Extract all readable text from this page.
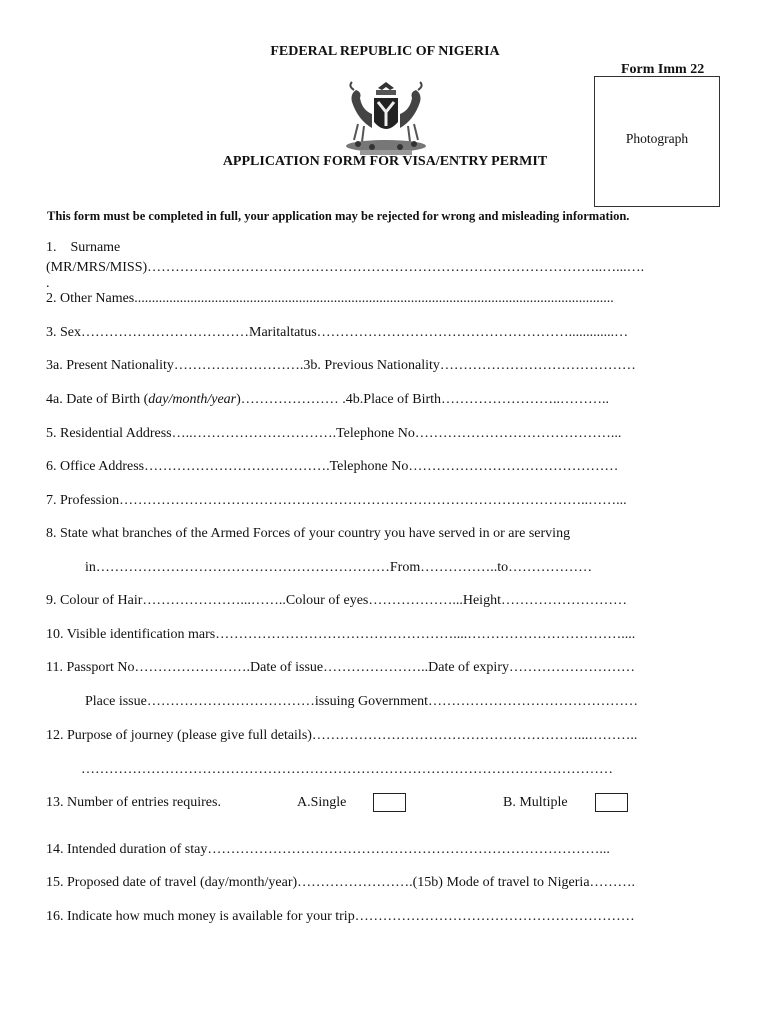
FEDERAL REPUBLIC OF NIGERIA
Form Imm 22
Photograph
APPLICATION FORM FOR VISA/ENTRY PERMIT
This form must be completed in full, your application may be rejected for wrong and misleading information.
1. Surname
(MR/MRS/MISS)……………………………………………………………………………………..…...….
.
2. Other Names.........................................................................................................................................
3. Sex………………………………Maritaltatus……………………………………………….............…
3a. Present Nationality……………………….3b. Previous Nationality……………………………………
4a. Date of Birth (day/month/year)………………… .4b.Place of Birth……………………..………..
5. Residential Address…..………………………….Telephone No……………………………………...
6. Office Address………………………………….Telephone No………………………………………
7. Profession………………………………………………………………………………………..……...
8. State what branches of the Armed Forces of your country you have served in or are serving
in………………………………………………………From……………..to………………
9. Colour of Hair…………………...……..Colour of eyes………………...Height………………………
10. Visible identification mars……………………………………………....……………………………....
11. Passport No…………………….Date of issue…………………..Date of expiry………………………
Place issue………………………………issuing Government………………………………………
12. Purpose of journey (please give full details)…………………………………………………...………..
……………………………………………………………………………………………………
13. Number of entries requires.	A.Single	B. Multiple
14. Intended duration of stay…………………………………………………………………………...
15. Proposed date of travel (day/month/year)…………………….(15b) Mode of travel to Nigeria……….
16. Indicate how much money is available for your trip……………………………………………………
